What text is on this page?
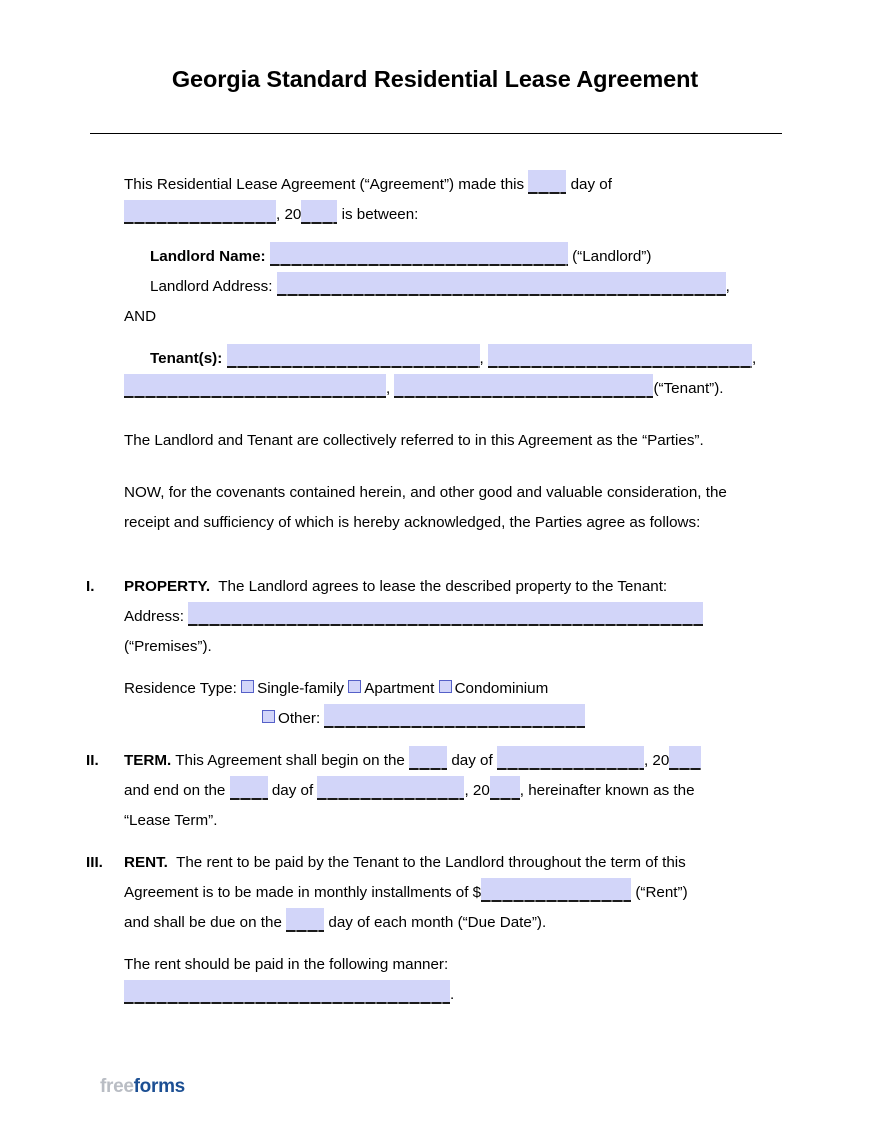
Georgia Standard Residential Lease Agreement
This Residential Lease Agreement (“Agreement”) made this	day of
, 20	is between:
Landlord Name:	(“Landlord”)
Landlord Address:	,
AND
Tenant(s):	,	,
,	(“Tenant”).
The Landlord and Tenant are collectively referred to in this Agreement as the “Parties”.
NOW, for the covenants contained herein, and other good and valuable consideration, the receipt and sufficiency of which is hereby acknowledged, the Parties agree as follows:
I. PROPERTY. The Landlord agrees to lease the described property to the Tenant:
Address:
(“Premises”).
Residence Type: Single-family Apartment Condominium
Other:
II. TERM. This Agreement shall begin on the	day of	, 20
and end on the	day of	, 20 , hereinafter known as the
“Lease Term”.
III. RENT. The rent to be paid by the Tenant to the Landlord throughout the term of this
Agreement is to be made in monthly installments of $	(“Rent”)
and shall be due on the	day of each month (“Due Date”).
The rent should be paid in the following manner:
.
freeforms
